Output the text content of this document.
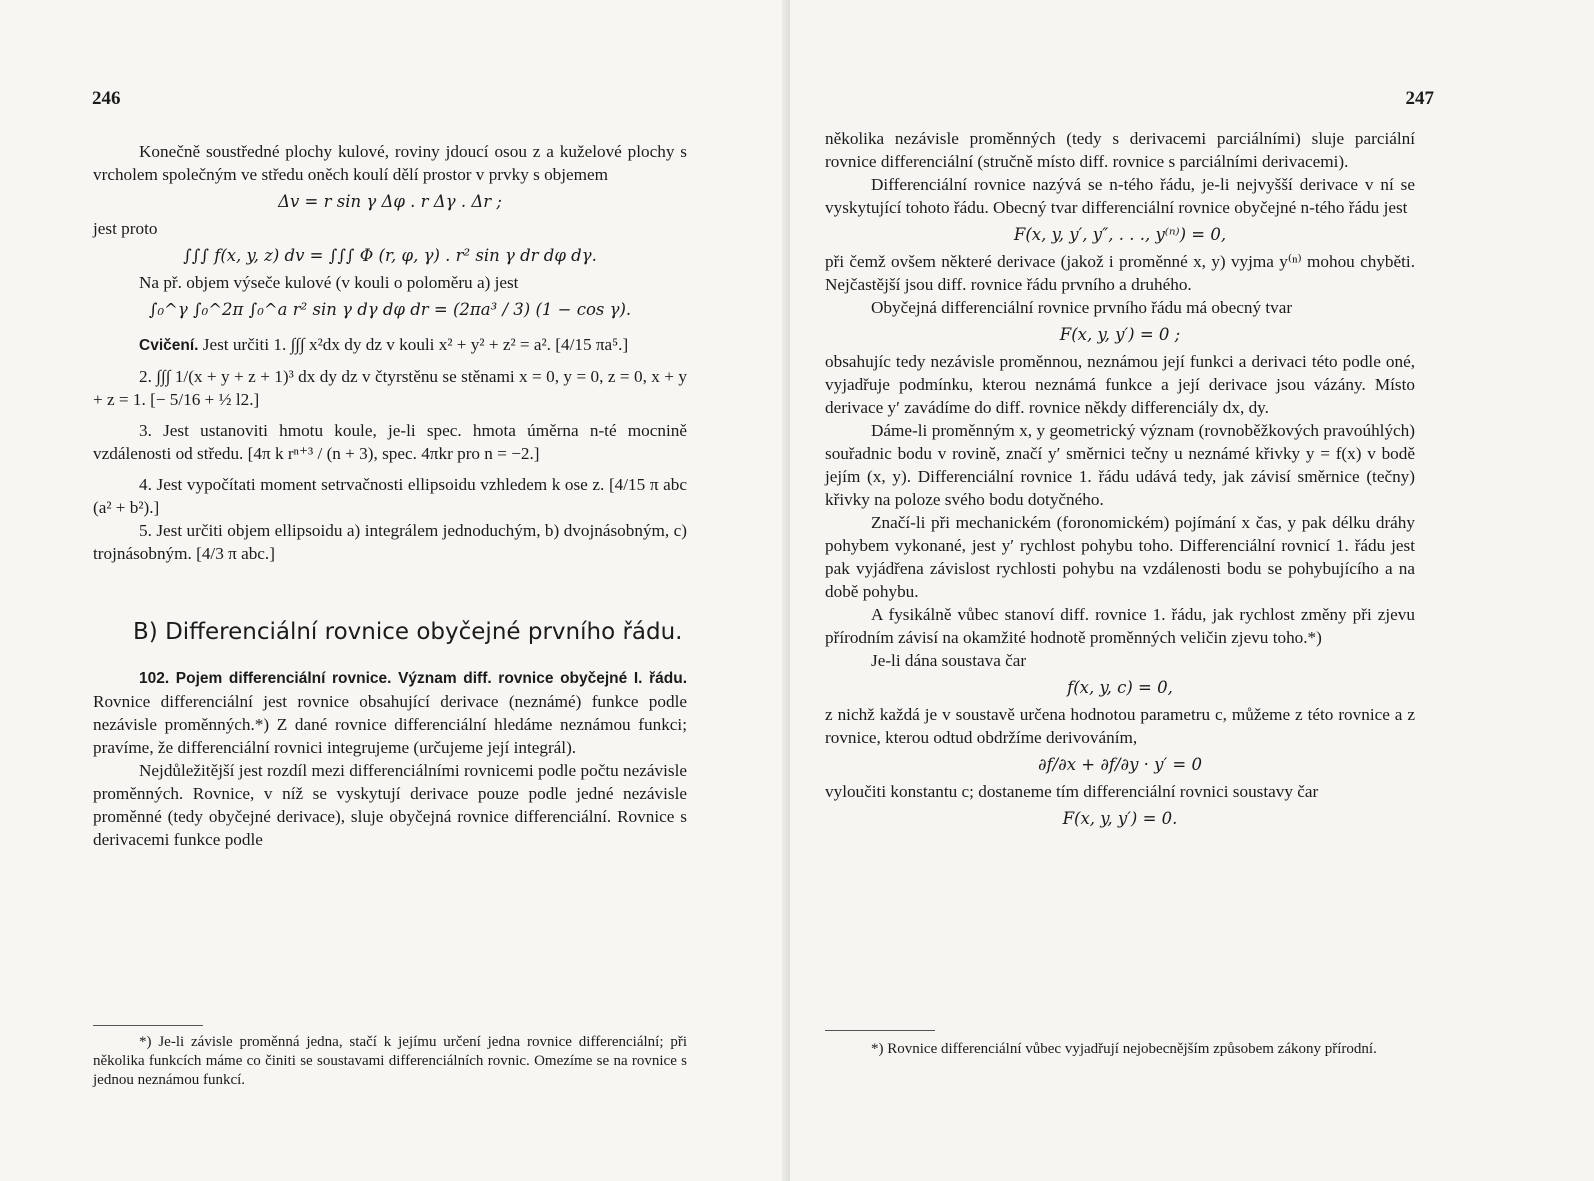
246

Konečně soustředné plochy kulové, roviny jdoucí osou z a kuželové plochy s vrcholem společným ve středu oněch koulí dělí prostor v prvky s objemem

Δv = r sin γ Δφ . r Δγ . Δr ;

jest proto

∫∫∫ f(x, y, z) dv = ∫∫∫ Φ (r, φ, γ) . r² sin γ dr dφ dγ.

Na př. objem výseče kulové (v kouli o poloměru a) jest

∫₀^γ ∫₀^2π ∫₀^a r² sin γ dγ dφ dr = (2πa³ / 3) (1 − cos γ).

Cvičení. Jest určiti 1. ∫∫∫ x²dx dy dz v kouli x² + y² + z² = a². [4/15 πa⁵.]

2. ∫∫∫ 1/(x + y + z + 1)³ dx dy dz v čtyrstěnu se stěnami x = 0, y = 0, z = 0, x + y + z = 1. [− 5/16 + ½ l2.]

3. Jest ustanoviti hmotu koule, je-li spec. hmota úměrna n-té mocnině vzdálenosti od středu. [4π k rⁿ⁺³ / (n + 3), spec. 4πkr pro n = −2.]

4. Jest vypočítati moment setrvačnosti ellipsoidu vzhledem k ose z. [4/15 π abc (a² + b²).]

5. Jest určiti objem ellipsoidu a) integrálem jednoduchým, b) dvojnásobným, c) trojnásobným. [4/3 π abc.]

B) Differenciální rovnice obyčejné prvního řádu.

102. Pojem differenciální rovnice. Význam diff. rovnice obyčejné I. řádu. Rovnice differenciální jest rovnice obsahující derivace (neznámé) funkce podle nezávisle proměnných.*) Z dané rovnice differenciální hledáme neznámou funkci; pravíme, že differenciální rovnici integrujeme (určujeme její integrál).

Nejdůležitější jest rozdíl mezi differenciálními rovnicemi podle počtu nezávisle proměnných. Rovnice, v níž se vyskytují derivace pouze podle jedné nezávisle proměnné (tedy obyčejné derivace), sluje obyčejná rovnice differenciální. Rovnice s derivacemi funkce podle

*) Je-li závisle proměnná jedna, stačí k jejímu určení jedna rovnice differenciální; při několika funkcích máme co činiti se soustavami differenciálních rovnic. Omezíme se na rovnice s jednou neznámou funkcí.

247

několika nezávisle proměnných (tedy s derivacemi parciálními) sluje parciální rovnice differenciální (stručně místo diff. rovnice s parciálními derivacemi).

Differenciální rovnice nazývá se n-tého řádu, je-li nejvyšší derivace v ní se vyskytující tohoto řádu. Obecný tvar differenciální rovnice obyčejné n-tého řádu jest

F(x, y, y′, y″, . . ., y⁽ⁿ⁾) = 0,

při čemž ovšem některé derivace (jakož i proměnné x, y) vyjma y⁽ⁿ⁾ mohou chyběti. Nejčastější jsou diff. rovnice řádu prvního a druhého.

Obyčejná differenciální rovnice prvního řádu má obecný tvar

F(x, y, y′) = 0 ;

obsahujíc tedy nezávisle proměnnou, neznámou její funkci a derivaci této podle oné, vyjadřuje podmínku, kterou neznámá funkce a její derivace jsou vázány. Místo derivace y′ zavádíme do diff. rovnice někdy differenciály dx, dy.

Dáme-li proměnným x, y geometrický význam (rovnoběžkových pravoúhlých) souřadnic bodu v rovině, značí y′ směrnici tečny u neznámé křivky y = f(x) v bodě jejím (x, y). Differenciální rovnice 1. řádu udává tedy, jak závisí směrnice (tečny) křivky na poloze svého bodu dotyčného.

Značí-li při mechanickém (foronomickém) pojímání x čas, y pak délku dráhy pohybem vykonané, jest y′ rychlost pohybu toho. Differenciální rovnicí 1. řádu jest pak vyjádřena závislost rychlosti pohybu na vzdálenosti bodu se pohybujícího a na době pohybu.

A fysikálně vůbec stanoví diff. rovnice 1. řádu, jak rychlost změny při zjevu přírodním závisí na okamžité hodnotě proměnných veličin zjevu toho.*)

Je-li dána soustava čar

f(x, y, c) = 0,

z nichž každá je v soustavě určena hodnotou parametru c, můžeme z této rovnice a z rovnice, kterou odtud obdržíme derivováním,

∂f/∂x + ∂f/∂y · y′ = 0

vyloučiti konstantu c; dostaneme tím differenciální rovnici soustavy čar

F(x, y, y′) = 0.

*) Rovnice differenciální vůbec vyjadřují nejobecnějším způsobem zákony přírodní.
